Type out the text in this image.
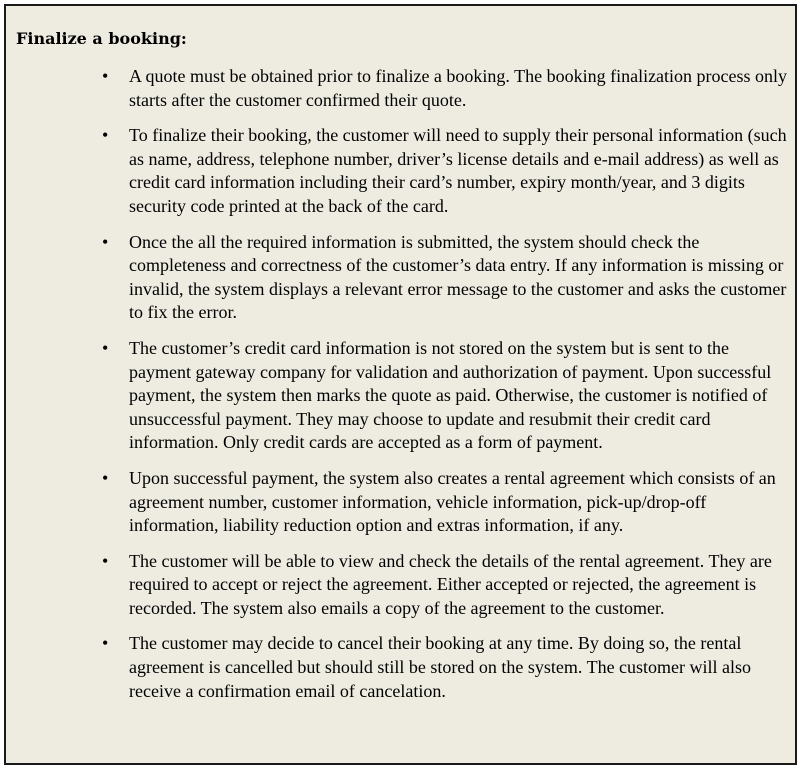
Finalize a booking:
• A quote must be obtained prior to finalize a booking. The booking finalization process only starts after the customer confirmed their quote.
• To finalize their booking, the customer will need to supply their personal information (such as name, address, telephone number, driver’s license details and e-mail address) as well as credit card information including their card’s number, expiry month/year, and 3 digits security code printed at the back of the card.
• Once the all the required information is submitted, the system should check the completeness and correctness of the customer’s data entry. If any information is missing or invalid, the system displays a relevant error message to the customer and asks the customer to fix the error.
• The customer’s credit card information is not stored on the system but is sent to the payment gateway company for validation and authorization of payment. Upon successful payment, the system then marks the quote as paid. Otherwise, the customer is notified of unsuccessful payment. They may choose to update and resubmit their credit card information. Only credit cards are accepted as a form of payment.
• Upon successful payment, the system also creates a rental agreement which consists of an agreement number, customer information, vehicle information, pick-up/drop-off information, liability reduction option and extras information, if any.
• The customer will be able to view and check the details of the rental agreement. They are required to accept or reject the agreement. Either accepted or rejected, the agreement is recorded. The system also emails a copy of the agreement to the customer.
• The customer may decide to cancel their booking at any time. By doing so, the rental agreement is cancelled but should still be stored on the system. The customer will also receive a confirmation email of cancelation.
